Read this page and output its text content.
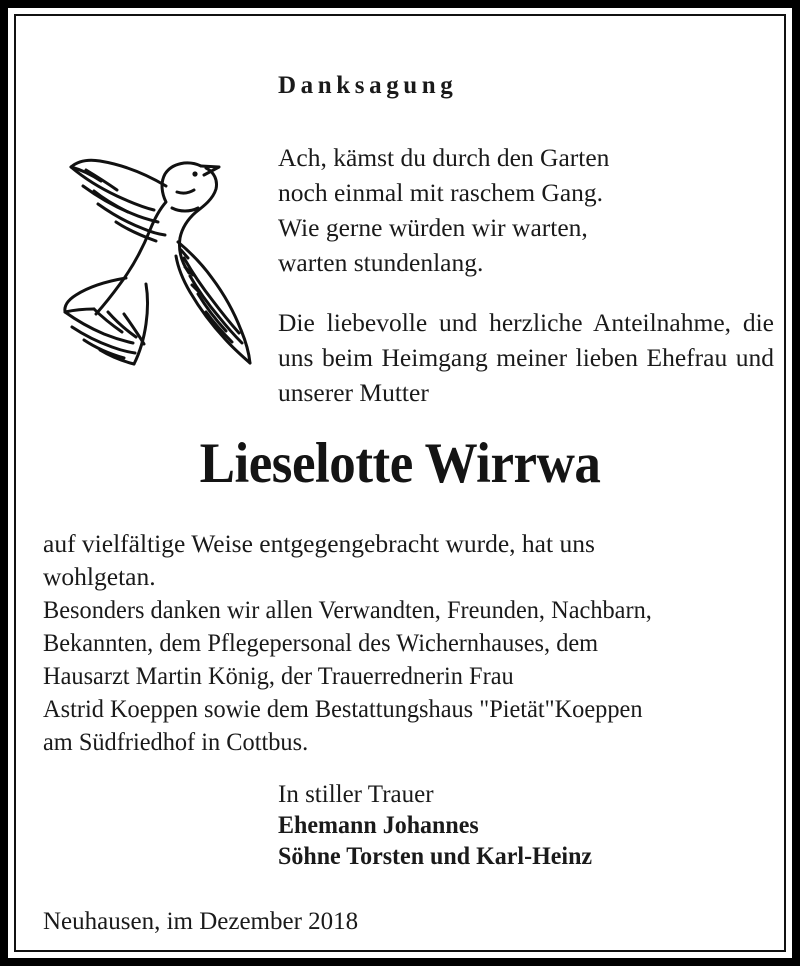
Danksagung
Ach, kämst du durch den Garten
noch einmal mit raschem Gang.
Wie gerne würden wir warten,
warten stundenlang.
Die liebevolle und herzliche Anteilnahme, die uns beim Heimgang meiner lieben Ehefrau und unserer Mutter
Lieselotte Wirrwa
auf vielfältige Weise entgegengebracht wurde, hat uns
wohlgetan.
Besonders danken wir allen Verwandten, Freunden, Nachbarn,
Bekannten, dem Pflegepersonal des Wichernhauses, dem
Hausarzt Martin König, der Trauerrednerin Frau
Astrid Koeppen sowie dem Bestattungshaus "Pietät"Koeppen
am Südfriedhof in Cottbus.
In stiller Trauer
Ehemann Johannes
Söhne Torsten und Karl-Heinz
Neuhausen, im Dezember 2018
